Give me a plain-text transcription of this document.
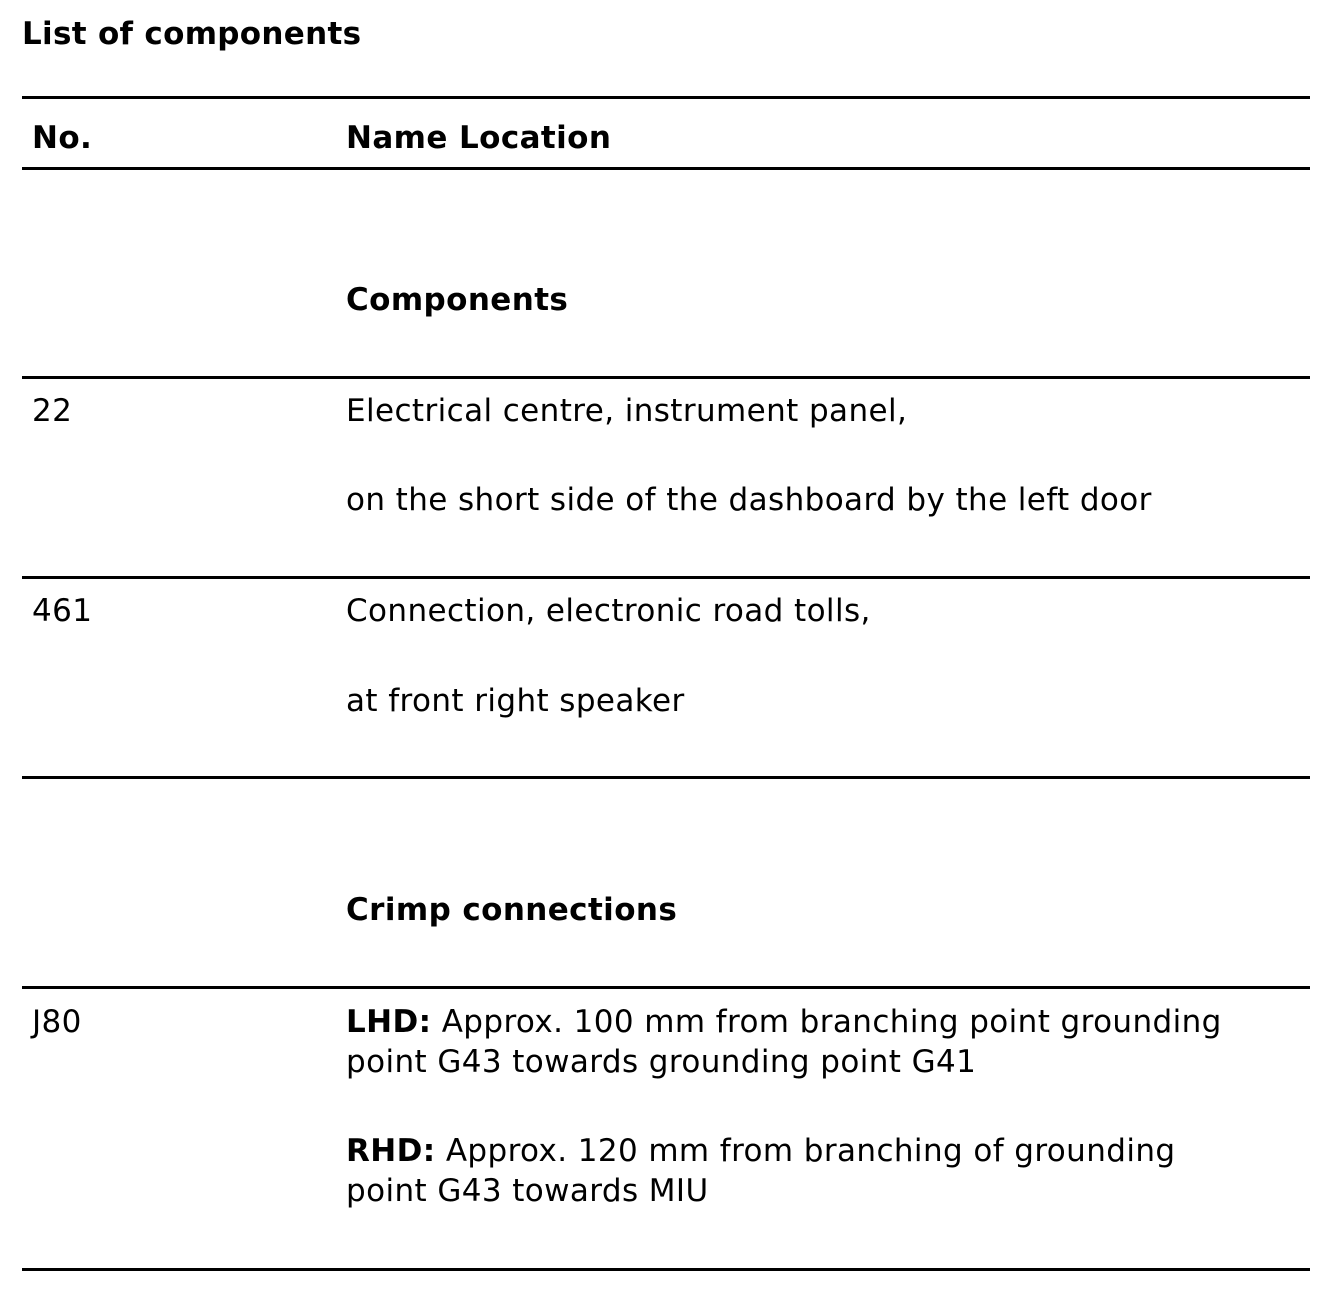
List of components
No.	Name Location
Components
22	Electrical centre, instrument panel,
on the short side of the dashboard by the left door
461	Connection, electronic road tolls,
at front right speaker
Crimp connections
J80	LHD: Approx. 100 mm from branching point grounding
point G43 towards grounding point G41
RHD: Approx. 120 mm from branching of grounding
point G43 towards MIU
